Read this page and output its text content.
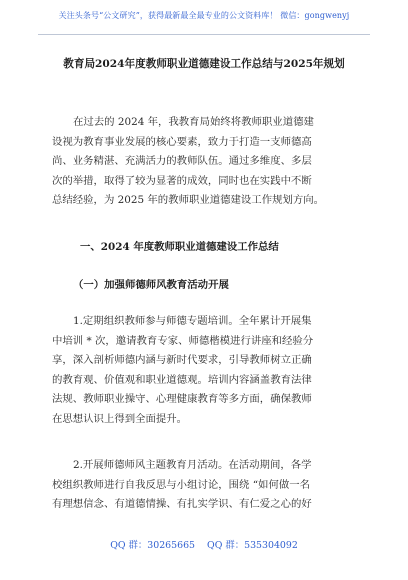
关注头条号“公文研究”，获得最新最全最专业的公文资料库！ 微信：gongwenyj
教育局2024年度教师职业道德建设工作总结与2025年规划
在过去的 2024 年，我教育局始终将教师职业道德建
设视为教育事业发展的核心要素，致力于打造一支师德高
尚、业务精湛、充满活力的教师队伍。通过多维度、多层
次的举措，取得了较为显著的成效，同时也在实践中不断
总结经验，为 2025 年的教师职业道德建设工作规划方向。
一、2024 年度教师职业道德建设工作总结
（一）加强师德师风教育活动开展
1.定期组织教师参与师德专题培训。全年累计开展集
中培训 * 次，邀请教育专家、师德楷模进行讲座和经验分
享，深入剖析师德内涵与新时代要求，引导教师树立正确
的教育观、价值观和职业道德观。培训内容涵盖教育法律
法规、教师职业操守、心理健康教育等多方面，确保教师
在思想认识上得到全面提升。
2.开展师德师风主题教育月活动。在活动期间，各学
校组织教师进行自我反思与小组讨论，围绕 “如何做一名
有理想信念、有道德情操、有扎实学识、有仁爱之心的好
QQ 群：30265665 QQ 群：535304092
